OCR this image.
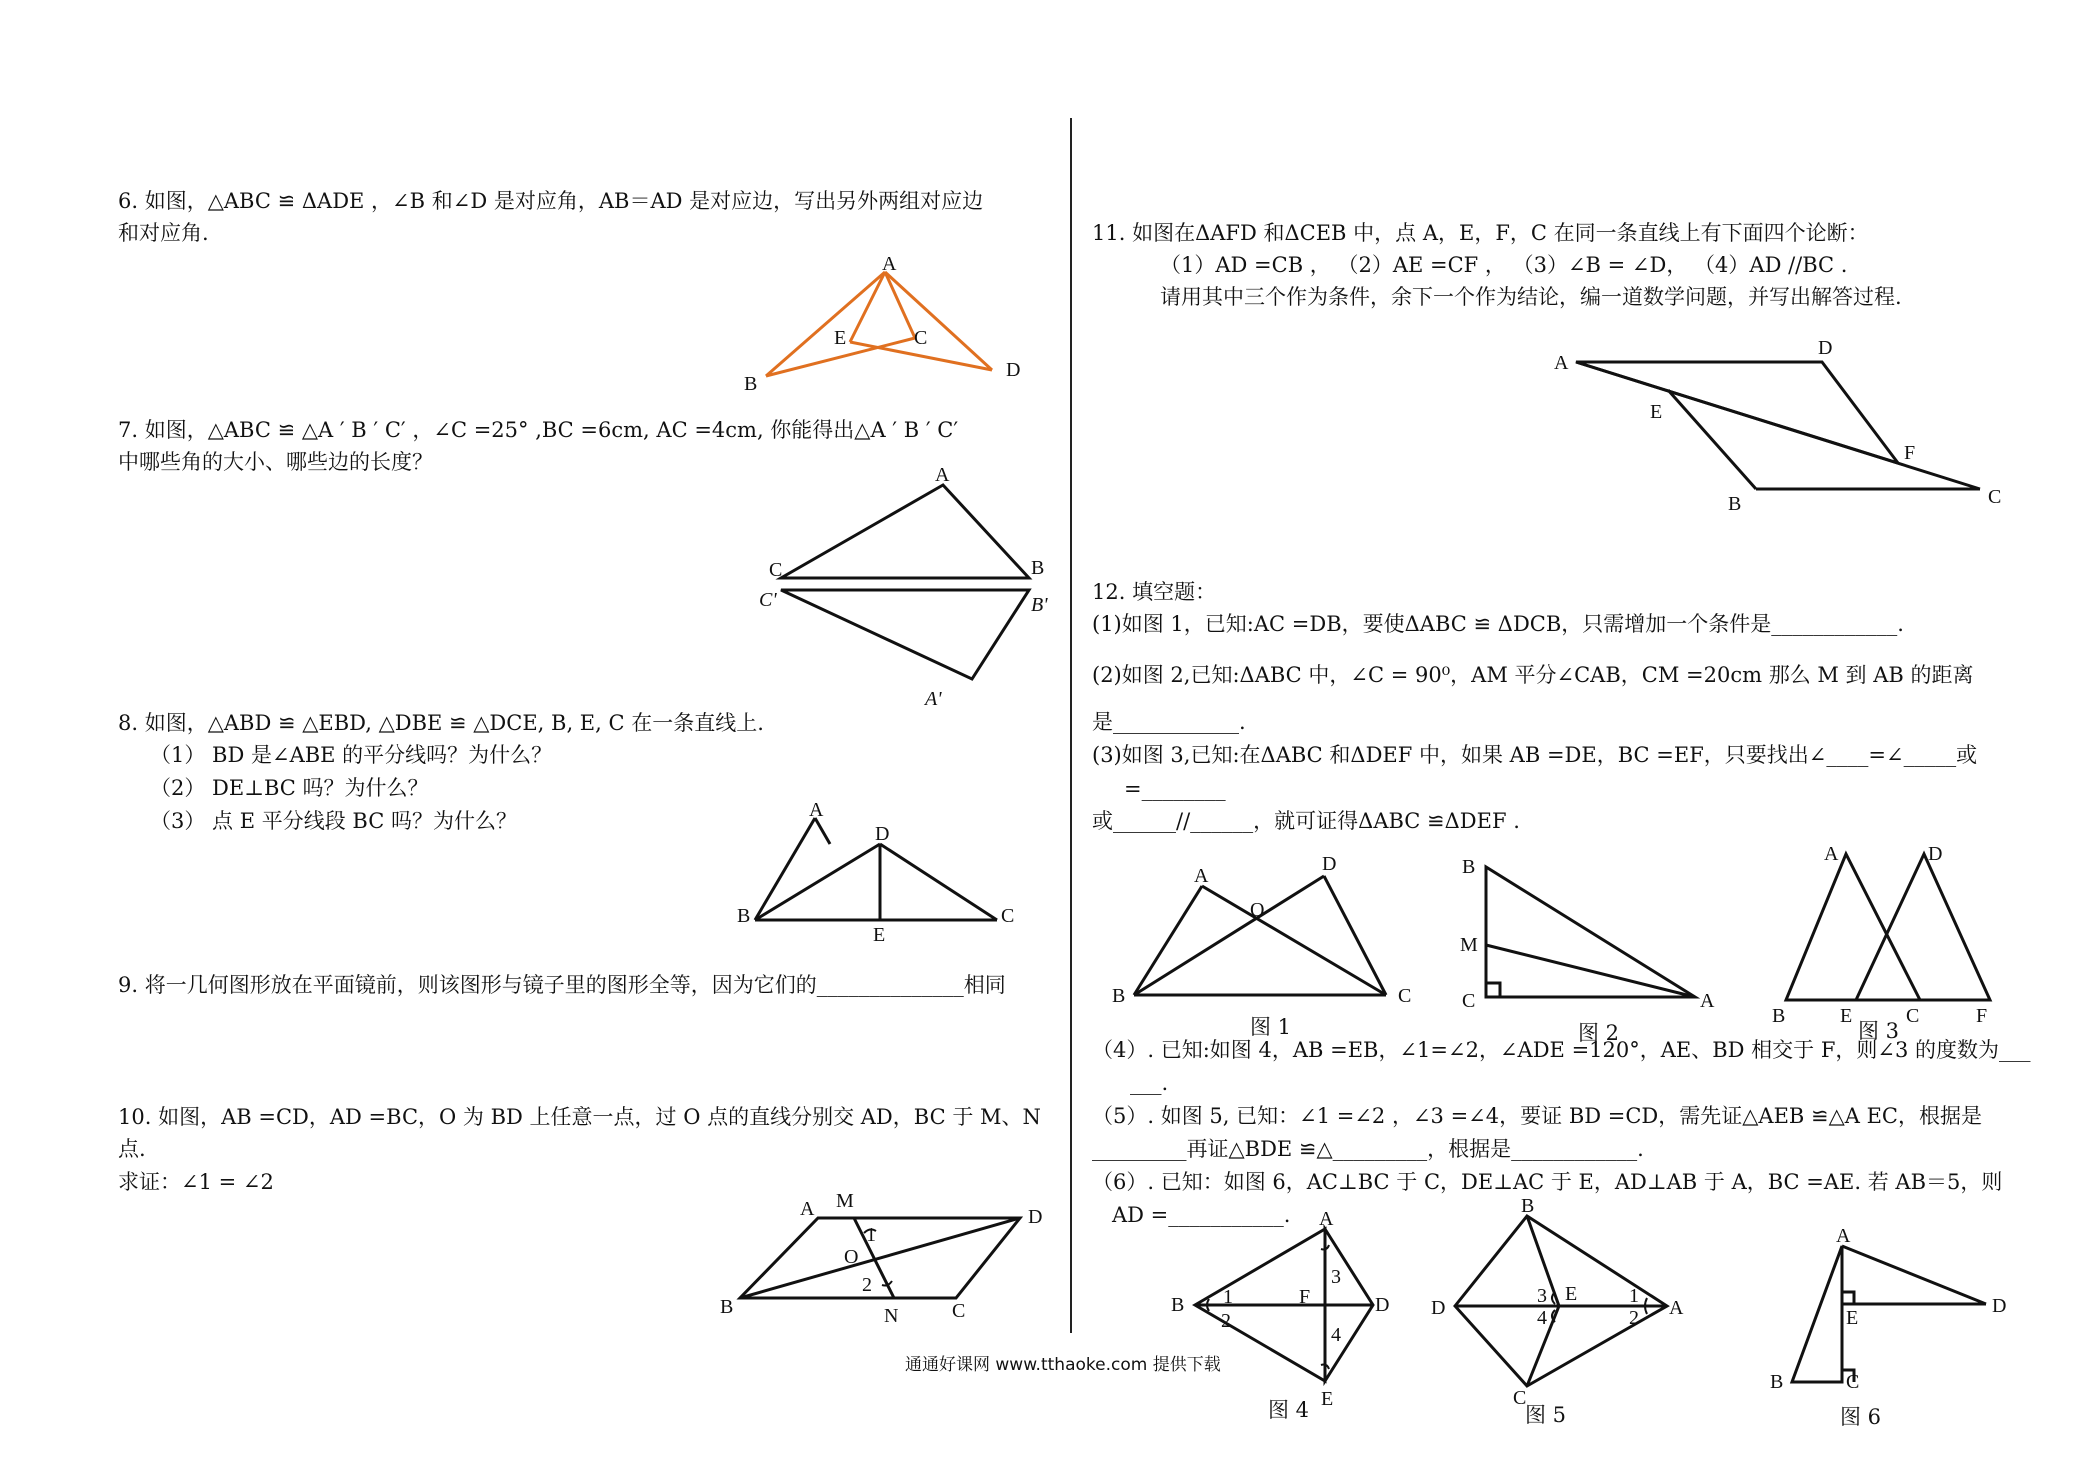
6. 如图，△ABC ≌ ΔADE ，∠B 和∠D 是对应角，AB＝AD 是对应边，写出另外两组对应边
和对应角.
A
B
C
D
E
7. 如图，△ABC ≌ △A ′ B ′ C′ ，∠C =25° ,BC =6cm, AC =4cm, 你能得出△A ′ B ′ C′
中哪些角的大小、哪些边的长度？
A
C	B
C'	B'
A'
8. 如图，△ABD ≌ △EBD, △DBE ≌ △DCE, B, E, C 在一条直线上.
（1） BD 是∠ABE 的平分线吗？为什么？
（2） DE⊥BC 吗？为什么？
（3） 点 E 平分线段 BC 吗？为什么？	A
B	C
D
E
9. 将一几何图形放在平面镜前，则该图形与镜子里的图形全等，因为它们的______________相同
10. 如图，AB =CD，AD =BC，O 为 BD 上任意一点，过 O 点的直线分别交 AD，BC 于 M、N
点.
求证：∠1 = ∠2
A M
D
B	C
N
O
1
2
11. 如图在ΔAFD 和ΔCEB 中，点 A，E，F，C 在同一条直线上有下面四个论断：
（1）AD =CB ， （2）AE =CF ， （3）∠B = ∠D， （4）AD //BC .
请用其中三个作为条件，余下一个作为结论，编一道数学问题，并写出解答过程.
A
D
E
F
B	C
12. 填空题：
(1)如图 1，已知:AC =DB，要使ΔABC ≌ ΔDCB，只需增加一个条件是____________.
(2)如图 2,已知:ΔABC 中，∠C = 90⁰，AM 平分∠CAB，CM =20cm 那么 M 到 AB 的距离
是____________.
(3)如图 3,已知:在ΔABC 和ΔDEF 中，如果 AB =DE，BC =EF，只要找出∠____=∠_____或
=________
或______//______，就可证得ΔABC ≌ΔDEF .
A
D
O
B	C
图 1
B
M
C	A
图 2
A	D
B	E	C	F
图 3
（4）. 已知:如图 4，AB =EB，∠1=∠2，∠ADE =120°，AE、BD 相交于 F，则∠3 的度数为___
___.
（5）. 如图 5, 已知：∠1 =∠2 ，∠3 =∠4，要证 BD =CD，需先证△AEB ≌△A EC，根据是
_________再证△BDE ≌△_________，根据是____________.
（6）. 已知：如图 6，AC⊥BC 于 C，DE⊥AC 于 E，AD⊥AB 于 A，BC =AE. 若 AB＝5，则
AD =___________. A
B	D
E
F
1
2
3
4
图 4
B
D	A
C
E
3
4
1
2
图 5
A
D
E
B	C
图 6
通通好课网 www.tthaoke.com 提供下载
